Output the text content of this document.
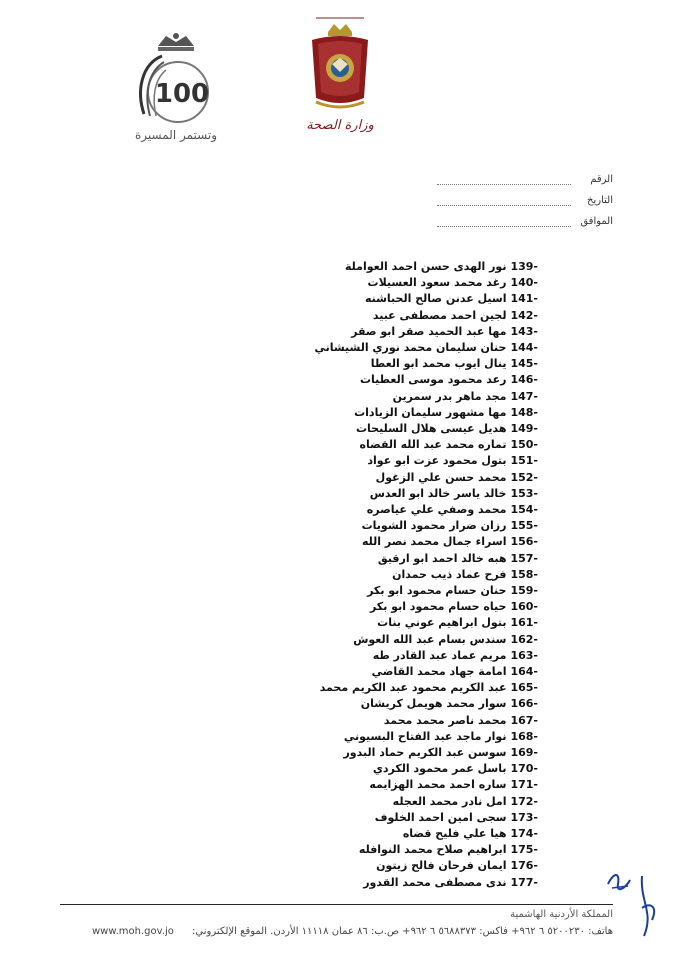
100
وتستمر المسيرة
وزارة الصحة
الرقم
التاريخ
الموافق
139-نور الهدى حسن احمد العواملة
140-رغد محمد سعود العسيلات
141-اسيل عدنن صالح الحباشنه
142-لجين احمد مصطفى عبيد
143-مها عبد الحميد صقر ابو صقر
144-حنان سليمان محمد نوري الشيشاني
145-ينال ايوب محمد ابو العطا
146-رعد محمود موسى العطيات
147-مجد ماهر بدر سمرين
148-مها مشهور سليمان الزيادات
149-هديل عيسى هلال السليحات
150-تماره محمد عبد الله القضاه
151-بتول محمود عزت ابو عواد
152-محمد حسن علي الزغول
153-خالد ياسر خالد ابو العدس
154-محمد وصفي علي عياصره
155-رزان ضرار محمود الشويات
156-اسراء جمال محمد نصر الله
157-هبه خالد احمد ابو ارقيق
158-فرح عماد ذيب حمدان
159-حنان حسام محمود ابو بكر
160-حياه حسام محمود ابو بكر
161-بتول ابراهيم عوني بنات
162-سندس بسام عبد الله العوش
163-مريم عماد عبد القادر طه
164-امامة جهاد محمد القاضي
165-عبد الكريم محمود عبد الكريم محمد
166-سوار محمد هويمل كريشان
167-محمد ناصر محمد محمد
168-نوار ماجد عبد الفتاح البسيوني
169-سوسن عبد الكريم حماد البدور
170-باسل عمر محمود الكردي
171-ساره احمد محمد الهزايمه
172-امل نادر محمد العجله
173-سجى امين احمد الخلوف
174-هيا علي فليح قضاه
175-ابراهيم صلاح محمد النوافله
176-ايمان فرحان فالح زيتون
177-ندى مصطفى محمد القدور
المملكة الأردنية الهاشمية
www.moh.gov.jo هاتف: ٥٢٠٠٢٣٠ ٦ ٩٦٢+ فاكس: ٥٦٨٨٣٧٣ ٦ ٩٦٢+ ص.ب: ٨٦ عمان ١١١١٨ الأردن. الموقع الإلكتروني:
